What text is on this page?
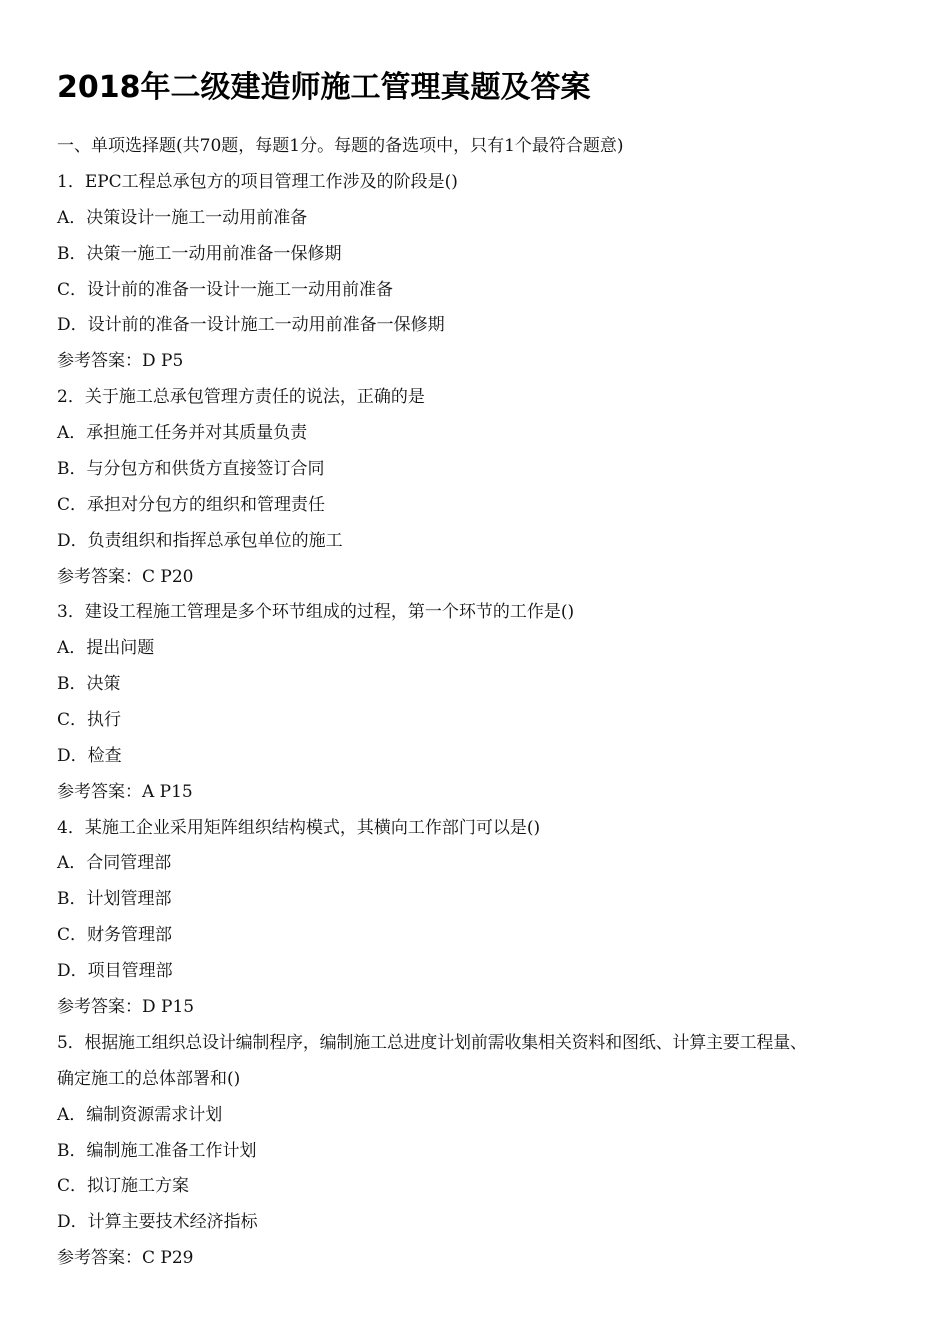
2018年二级建造师施工管理真题及答案

一、单项选择题(共70题，每题1分。每题的备选项中，只有1个最符合题意)

1．EPC工程总承包方的项目管理工作涉及的阶段是()

A．决策设计一施工一动用前准备

B．决策一施工一动用前准备一保修期

C．设计前的准备一设计一施工一动用前准备

D．设计前的准备一设计施工一动用前准备一保修期

参考答案：D P5

2．关于施工总承包管理方责任的说法，正确的是

A．承担施工任务并对其质量负责

B．与分包方和供货方直接签订合同

C．承担对分包方的组织和管理责任

D．负责组织和指挥总承包单位的施工

参考答案：C P20

3．建设工程施工管理是多个环节组成的过程，第一个环节的工作是()

A．提出问题

B．决策

C．执行

D．检查

参考答案：A P15

4．某施工企业采用矩阵组织结构模式，其横向工作部门可以是()

A．合同管理部

B．计划管理部

C．财务管理部

D．项目管理部

参考答案：D P15

5．根据施工组织总设计编制程序，编制施工总进度计划前需收集相关资料和图纸、计算主要工程量、

确定施工的总体部署和()

A．编制资源需求计划

B．编制施工准备工作计划

C．拟订施工方案

D．计算主要技术经济指标

参考答案：C P29
